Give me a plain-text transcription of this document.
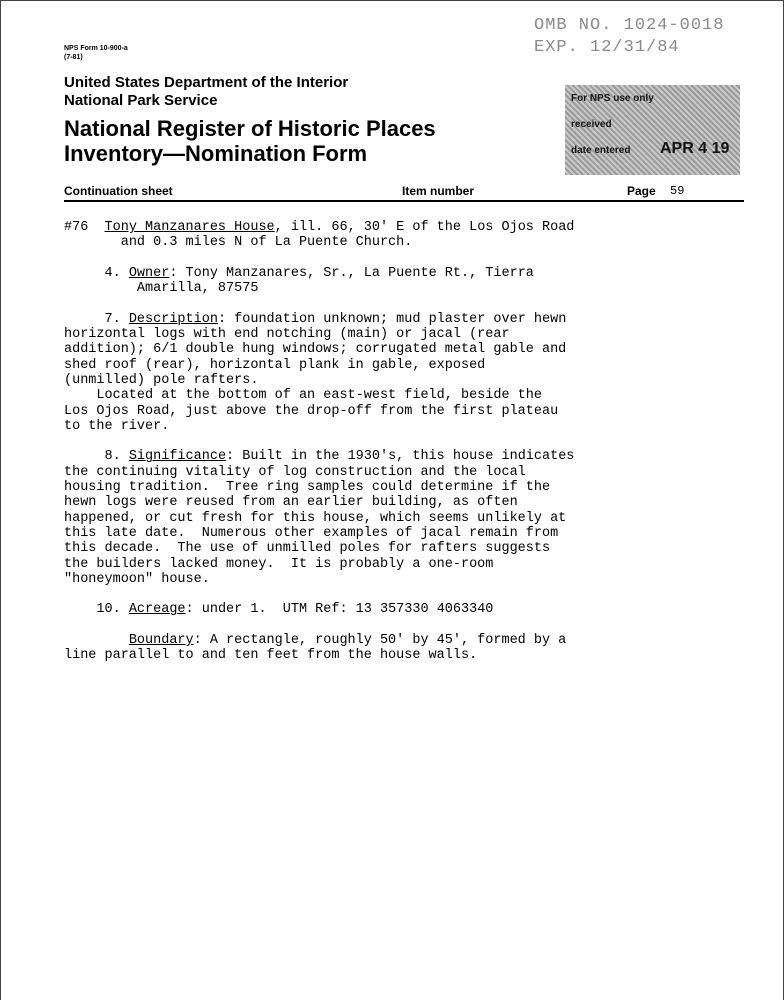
NPS Form 10-900-a
(7-81)
OMB NO. 1024-0018
EXP. 12/31/84
United States Department of the Interior
National Park Service
National Register of Historic Places
Inventory—Nomination Form
For NPS use only
received
date entered APR 4 19
Continuation sheet	Item number	Page 59
#76 Tony Manzanares House, ill. 66, 30' E of the Los Ojos Road
and 0.3 miles N of La Puente Church.

4. Owner: Tony Manzanares, Sr., La Puente Rt., Tierra
Amarilla, 87575

7. Description: foundation unknown; mud plaster over hewn
horizontal logs with end notching (main) or jacal (rear
addition); 6/1 double hung windows; corrugated metal gable and
shed roof (rear), horizontal plank in gable, exposed
(unmilled) pole rafters.
Located at the bottom of an east-west field, beside the
Los Ojos Road, just above the drop-off from the first plateau
to the river.

8. Significance: Built in the 1930's, this house indicates
the continuing vitality of log construction and the local
housing tradition.  Tree ring samples could determine if the
hewn logs were reused from an earlier building, as often
happened, or cut fresh for this house, which seems unlikely at
this late date.  Numerous other examples of jacal remain from
this decade.  The use of unmilled poles for rafters suggests
the builders lacked money.  It is probably a one-room
"honeymoon" house.

10. Acreage: under 1.  UTM Ref: 13 357330 4063340

Boundary: A rectangle, roughly 50' by 45', formed by a
line parallel to and ten feet from the house walls.
